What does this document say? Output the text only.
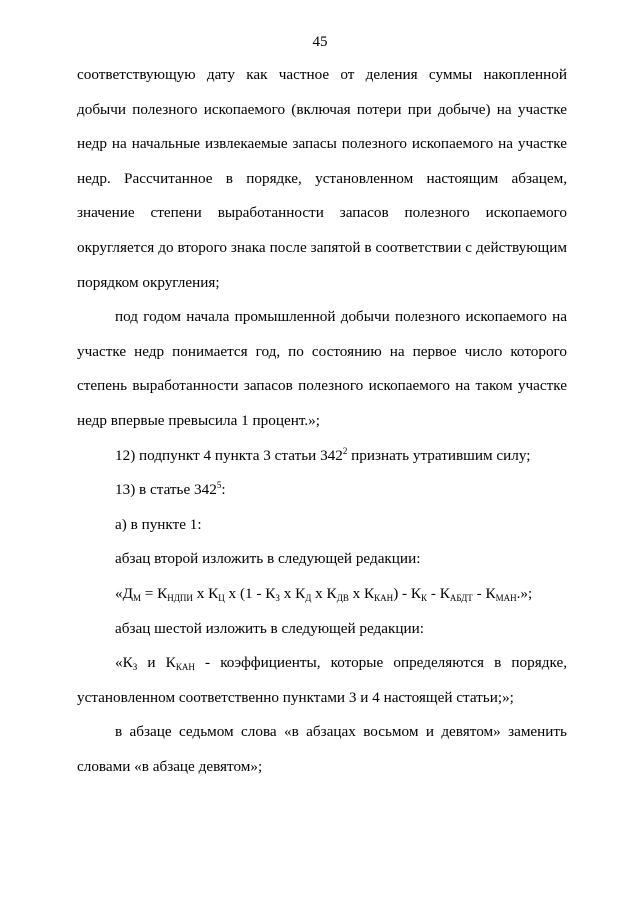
45

соответствующую дату как частное от деления суммы накопленной

добычи полезного ископаемого (включая потери при добыче) на участке

недр на начальные извлекаемые запасы полезного ископаемого на участке

недр. Рассчитанное в порядке, установленном настоящим абзацем,

значение степени выработанности запасов полезного ископаемого

округляется до второго знака после запятой в соответствии с действующим

порядком округления;

под годом начала промышленной добычи полезного ископаемого на

участке недр понимается год, по состоянию на первое число которого

степень выработанности запасов полезного ископаемого на таком участке

недр впервые превысила 1 процент.»;

12) подпункт 4 пункта 3 статьи $342^2$ признать утратившим силу;

13) в статье $342^5$:

а) в пункте 1:

абзац второй изложить в следующей редакции:

«$Д_М = К_{НДПИ}$ х $К_Ц$ х ($1 - К_З$ х $К_Д$ х $К_{ДВ}$ х $К_{КАН}) - К_К - К_{АБДТ} - К_{МАН}$.»;

абзац шестой изложить в следующей редакции:

«$К_З$ и $К_{КАН}$ - коэффициенты, которые определяются в порядке,

установленном соответственно пунктами 3 и 4 настоящей статьи;»;

в абзаце седьмом слова «в абзацах восьмом и девятом» заменить

словами «в абзаце девятом»;
